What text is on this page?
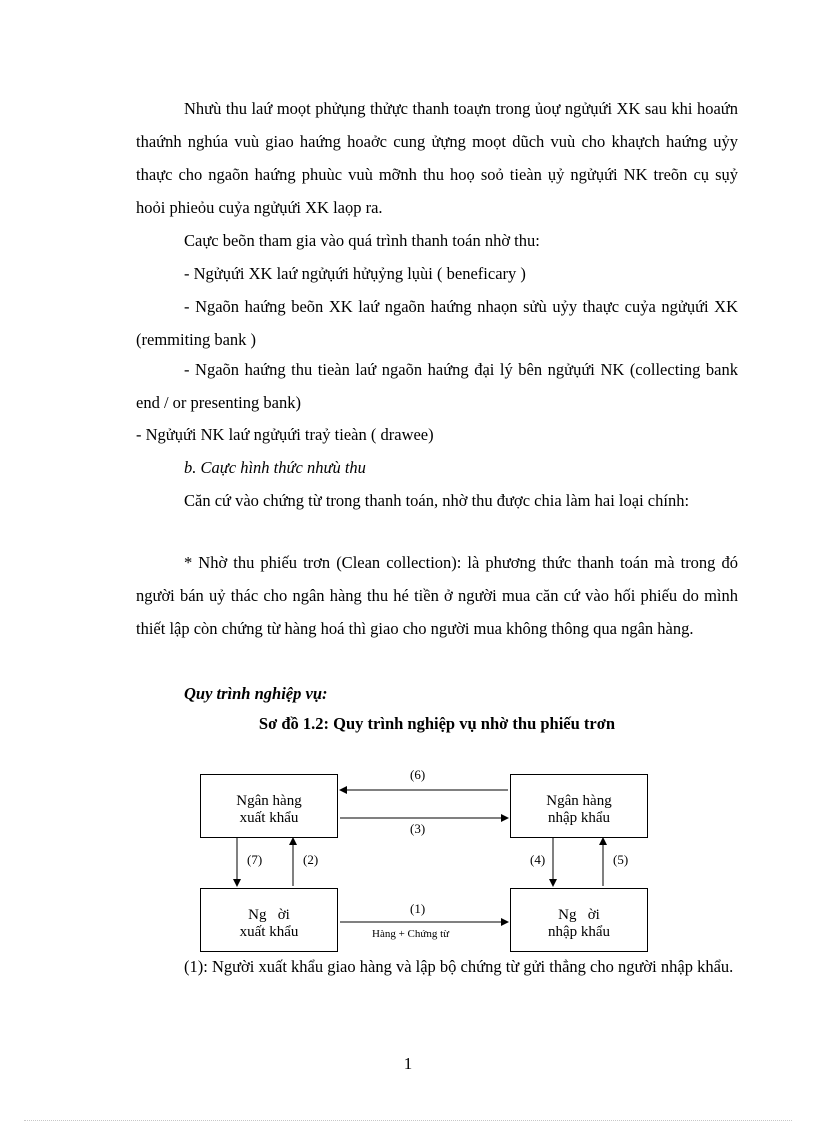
Nhưù thu laứ moọt phửụng thửực thanh toaựn trong ủoự ngửụứi XK sau khi hoaứn thaứnh nghúa vuù giao haứng hoaởc cung ửựng moọt dũch vuù cho khaựch haứng uỷy thaực cho ngaõn haứng phuùc vuù mỡnh thu hoọ soỏ tieàn ụỷ ngửụứi NK treõn cụ sụỷ hoỏi phieỏu cuỷa ngửụứi XK laọp ra.

Caực beõn tham gia vào quá trình thanh toán nhờ thu:

- Ngửụứi XK laứ ngửụứi hửụỷng lụùi ( beneficary )

- Ngaõn haứng beõn XK laứ ngaõn haứng nhaọn sửù uỷy thaực cuỷa ngửụứi XK (remmiting bank )

- Ngaõn haứng thu tieàn laứ ngaõn haứng đại lý bên ngửụứi NK (collecting bank end / or presenting bank)

- Ngửụứi NK laứ ngửụứi traỷ tieàn ( drawee)

b. Caực hình thức nhưù thu

Căn cứ vào chứng từ trong thanh toán, nhờ thu được chia làm hai loại chính:

* Nhờ thu phiếu trơn (Clean collection): là phương thức thanh toán mà trong đó người bán uỷ thác cho ngân hàng thu hé tiền ở người mua căn cứ vào hối phiếu do mình thiết lập còn chứng từ hàng hoá thì giao cho người mua không thông qua ngân hàng.

Quy trình nghiệp vụ:

Sơ đồ 1.2: Quy trình nghiệp vụ nhờ thu phiếu trơn
Ngân hàng
xuất khẩu
Ngân hàng
nhập khẩu
Ng   ời
xuất khẩu
Ng   ời
nhập khẩu
(6)
(3)
(7)	(2)	(4)	(5)
(1)
Hàng + Chứng từ

(1): Người xuất khẩu giao hàng và lập bộ chứng từ gửi thẳng cho người nhập khẩu.

1
